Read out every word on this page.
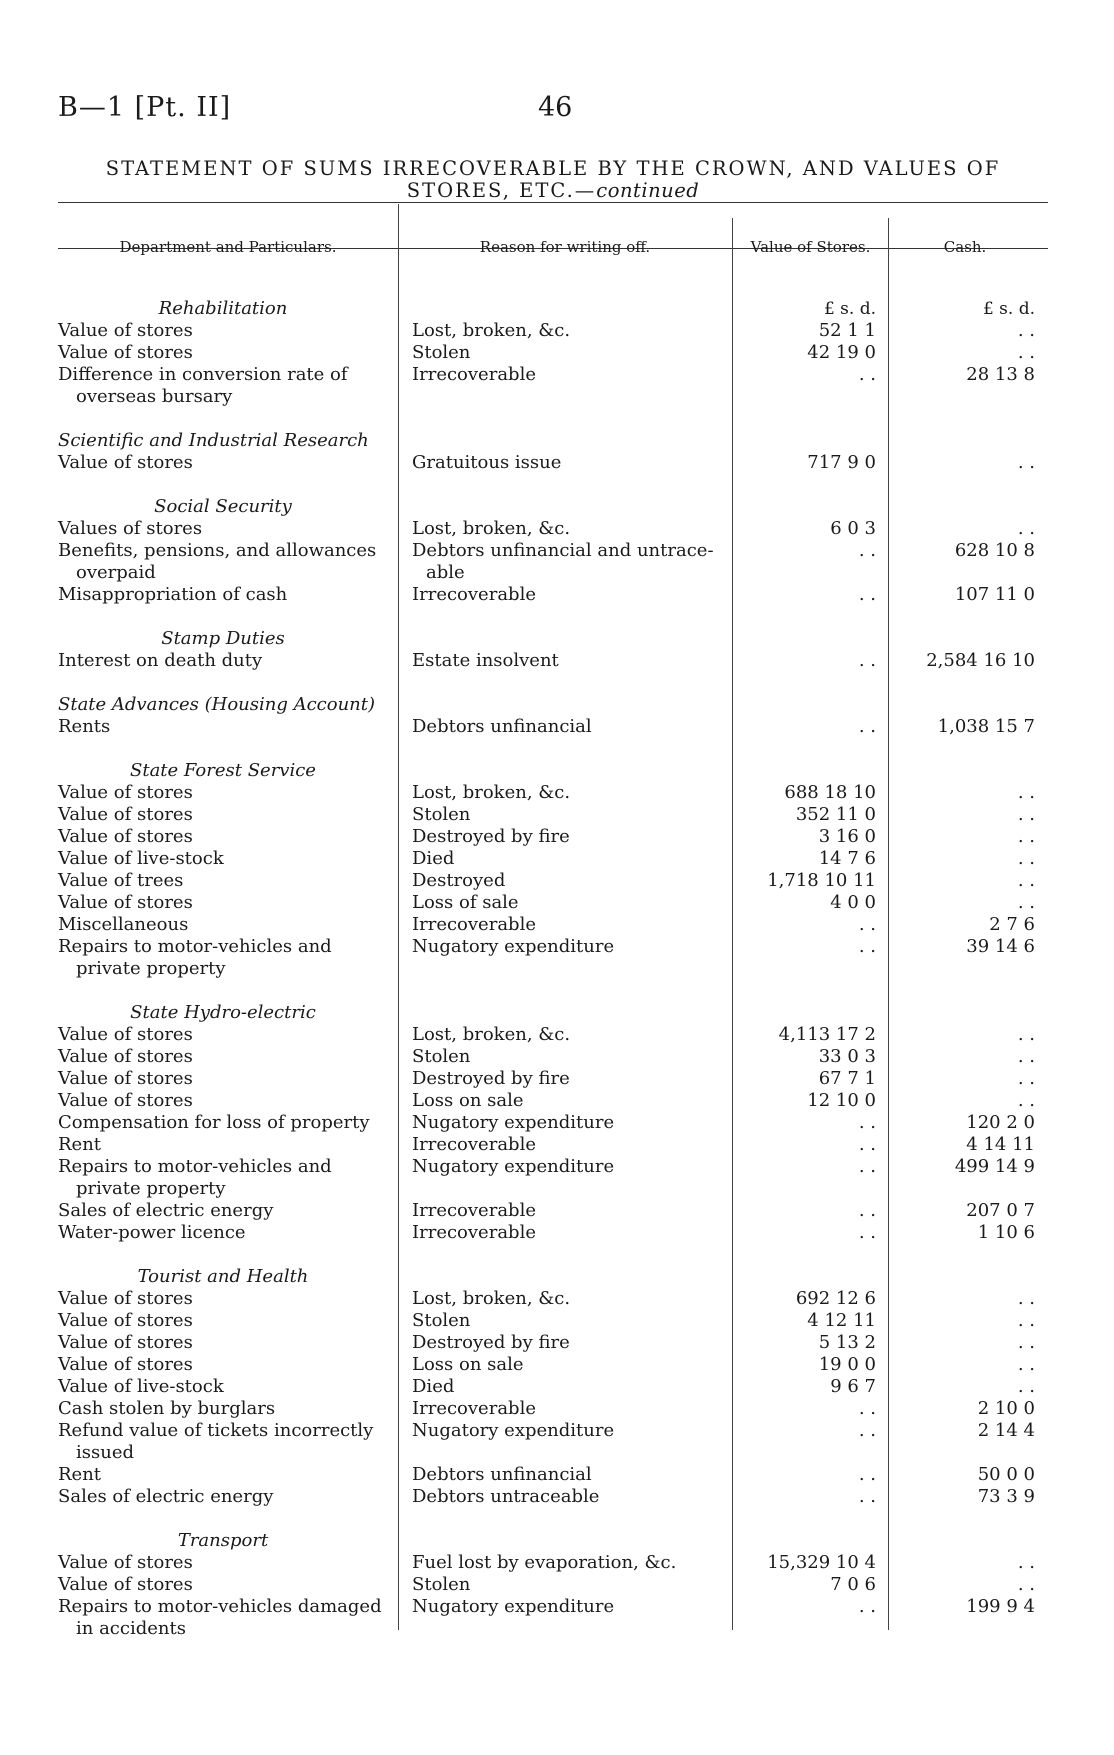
B—1 [Pt. II]	46
STATEMENT OF SUMS IRRECOVERABLE BY THE CROWN, AND VALUES OF
STORES, ETC.—continued
Department and Particulars.	Reason for writing off.	Value of Stores.	Cash.
£ s. d.	£ s. d.
Rehabilitation
Value of stores	Lost, broken, &c.	52 1 1	. .
Value of stores	Stolen	42 19 0	. .
Difference in conversion rate of	Irrecoverable	. .	28 13 8
overseas bursary
Scientific and Industrial Research
Value of stores	Gratuitous issue	717 9 0	. .
Social Security
Values of stores	Lost, broken, &c.	6 0 3	. .
Benefits, pensions, and allowances	Debtors unfinancial and untrace-	. .	628 10 8
overpaid	able
Misappropriation of cash	Irrecoverable	. .	107 11 0
Stamp Duties
Interest on death duty	Estate insolvent	. .	2,584 16 10
State Advances (Housing Account)
Rents	Debtors unfinancial	. .	1,038 15 7
State Forest Service
Value of stores	Lost, broken, &c.	688 18 10	. .
Value of stores	Stolen	352 11 0	. .
Value of stores	Destroyed by fire	3 16 0	. .
Value of live-stock	Died	14 7 6	. .
Value of trees	Destroyed	1,718 10 11	. .
Value of stores	Loss of sale	4 0 0	. .
Miscellaneous	Irrecoverable	. .	2 7 6
Repairs to motor-vehicles and	Nugatory expenditure	. .	39 14 6
private property
State Hydro-electric
Value of stores	Lost, broken, &c.	4,113 17 2	. .
Value of stores	Stolen	33 0 3	. .
Value of stores	Destroyed by fire	67 7 1	. .
Value of stores	Loss on sale	12 10 0	. .
Compensation for loss of property	Nugatory expenditure	. .	120 2 0
Rent	Irrecoverable	. .	4 14 11
Repairs to motor-vehicles and	Nugatory expenditure	. .	499 14 9
private property
Sales of electric energy	Irrecoverable	. .	207 0 7
Water-power licence	Irrecoverable	. .	1 10 6
Tourist and Health
Value of stores	Lost, broken, &c.	692 12 6	. .
Value of stores	Stolen	4 12 11	. .
Value of stores	Destroyed by fire	5 13 2	. .
Value of stores	Loss on sale	19 0 0	. .
Value of live-stock	Died	9 6 7	. .
Cash stolen by burglars	Irrecoverable	. .	2 10 0
Refund value of tickets incorrectly	Nugatory expenditure	. .	2 14 4
issued
Rent	Debtors unfinancial	. .	50 0 0
Sales of electric energy	Debtors untraceable	. .	73 3 9
Transport
Value of stores	Fuel lost by evaporation, &c.	15,329 10 4	. .
Value of stores	Stolen	7 0 6	. .
Repairs to motor-vehicles damaged	Nugatory expenditure	. .	199 9 4
in accidents
